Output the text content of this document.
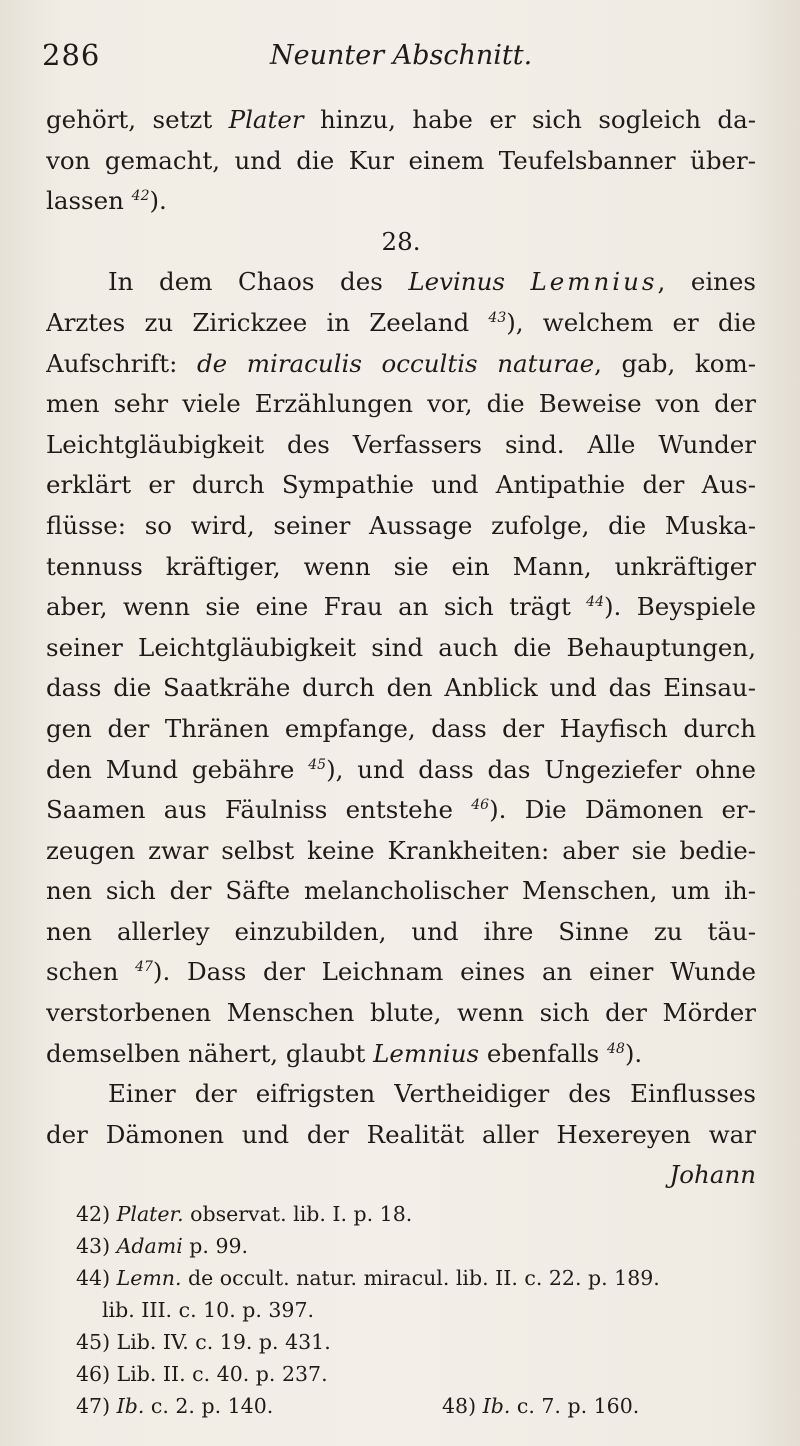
286	Neunter Abschnitt.
gehört, setzt Plater hinzu, habe er sich sogleich da-
von gemacht, und die Kur einem Teufelsbanner über-
lassen $^{42}$).
28.
In dem Chaos des Levinus Lemnius, eines
Arztes zu Zirickzee in Zeeland $^{43}$), welchem er die
Aufschrift: de miraculis occultis naturae, gab, kom-
men sehr viele Erzählungen vor, die Beweise von der
Leichtgläubigkeit des Verfassers sind. Alle Wunder
erklärt er durch Sympathie und Antipathie der Aus-
flüsse: so wird, seiner Aussage zufolge, die Muska-
tennuss kräftiger, wenn sie ein Mann, unkräftiger
aber, wenn sie eine Frau an sich trägt $^{44}$). Beyspiele
seiner Leichtgläubigkeit sind auch die Behauptungen,
dass die Saatkrähe durch den Anblick und das Einsau-
gen der Thränen empfange, dass der Hayfisch durch
den Mund gebähre $^{45}$), und dass das Ungeziefer ohne
Saamen aus Fäulniss entstehe $^{46}$). Die Dämonen er-
zeugen zwar selbst keine Krankheiten: aber sie bedie-
nen sich der Säfte melancholischer Menschen, um ih-
nen allerley einzubilden, und ihre Sinne zu täu-
schen $^{47}$). Dass der Leichnam eines an einer Wunde
verstorbenen Menschen blute, wenn sich der Mörder
demselben nähert, glaubt Lemnius ebenfalls $^{48}$).
Einer der eifrigsten Vertheidiger des Einflusses
der Dämonen und der Realität aller Hexereyen war
Johann
42) Plater. observat. lib. I. p. 18.
43) Adami p. 99.
44) Lemn. de occult. natur. miracul. lib. II. c. 22. p. 189.
lib. III. c. 10. p. 397.
45) Lib. IV. c. 19. p. 431.
46) Lib. II. c. 40. p. 237.
47) Ib. c. 2. p. 140.	48) Ib. c. 7. p. 160.
